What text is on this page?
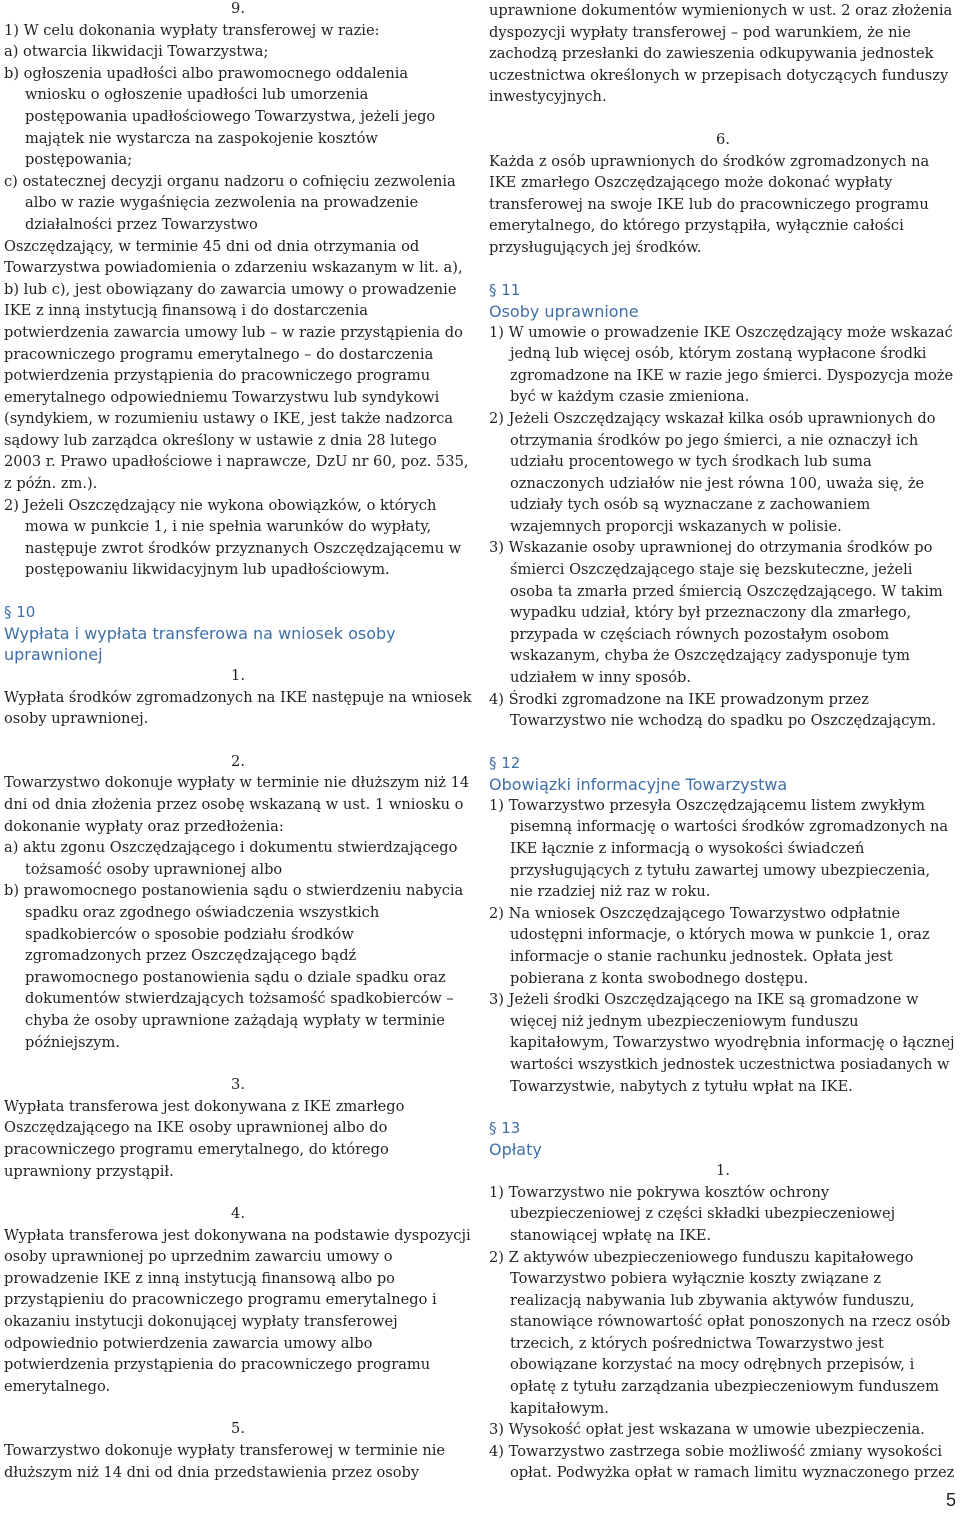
9.

1) W celu dokonania wypłaty transferowej w razie:

a) otwarcia likwidacji Towarzystwa;

b) ogłoszenia upadłości albo prawomocnego oddalenia wniosku o ogłoszenie upadłości lub umorzenia postępowania upadłościowego Towarzystwa, jeżeli jego majątek nie wystarcza na zaspokojenie kosztów postępowania;

c) ostatecznej decyzji organu nadzoru o cofnięciu zezwolenia albo w razie wygaśnięcia zezwolenia na prowadzenie działalności przez Towarzystwo

Oszczędzający, w terminie 45 dni od dnia otrzymania od Towarzystwa powiadomienia o zdarzeniu wskazanym w lit. a), b) lub c), jest obowiązany do zawarcia umowy o prowadzenie IKE z inną instytucją finansową i do dostarczenia potwierdzenia zawarcia umowy lub – w razie przystąpienia do pracowniczego programu emerytalnego – do dostarczenia potwierdzenia przystąpienia do pracowniczego programu emerytalnego odpowiedniemu Towarzystwu lub syndykowi (syndykiem, w rozumieniu ustawy o IKE, jest także nadzorca sądowy lub zarządca określony w ustawie z dnia 28 lutego 2003 r. Prawo upadłościowe i naprawcze, DzU nr 60, poz. 535, z późn. zm.).

2) Jeżeli Oszczędzający nie wykona obowiązków, o których mowa w punkcie 1, i nie spełnia warunków do wypłaty, następuje zwrot środków przyznanych Oszczędzającemu w postępowaniu likwidacyjnym lub upadłościowym.

§ 10

Wypłata i wypłata transferowa na wniosek osoby uprawnionej

1.

Wypłata środków zgromadzonych na IKE następuje na wniosek osoby uprawnionej.

2.

Towarzystwo dokonuje wypłaty w terminie nie dłuższym niż 14 dni od dnia złożenia przez osobę wskazaną w ust. 1 wniosku o dokonanie wypłaty oraz przedłożenia:

a) aktu zgonu Oszczędzającego i dokumentu stwierdzającego tożsamość osoby uprawnionej albo

b) prawomocnego postanowienia sądu o stwierdzeniu nabycia spadku oraz zgodnego oświadczenia wszystkich spadkobierców o sposobie podziału środków zgromadzonych przez Oszczędzającego bądź prawomocnego postanowienia sądu o dziale spadku oraz dokumentów stwierdzających tożsamość spadkobierców – chyba że osoby uprawnione zażądają wypłaty w terminie późniejszym.

3.

Wypłata transferowa jest dokonywana z IKE zmarłego Oszczędzającego na IKE osoby uprawnionej albo do pracowniczego programu emerytalnego, do którego uprawniony przystąpił.

4.

Wypłata transferowa jest dokonywana na podstawie dyspozycji osoby uprawnionej po uprzednim zawarciu umowy o prowadzenie IKE z inną instytucją finansową albo po przystąpieniu do pracowniczego programu emerytalnego i okazaniu instytucji dokonującej wypłaty transferowej odpowiednio potwierdzenia zawarcia umowy albo potwierdzenia przystąpienia do pracowniczego programu emerytalnego.

5.

Towarzystwo dokonuje wypłaty transferowej w terminie nie dłuższym niż 14 dni od dnia przedstawienia przez osoby

uprawnione dokumentów wymienionych w ust. 2 oraz złożenia dyspozycji wypłaty transferowej – pod warunkiem, że nie zachodzą przesłanki do zawieszenia odkupywania jednostek uczestnictwa określonych w przepisach dotyczących funduszy inwestycyjnych.

6.

Każda z osób uprawnionych do środków zgromadzonych na IKE zmarłego Oszczędzającego może dokonać wypłaty transferowej na swoje IKE lub do pracowniczego programu emerytalnego, do którego przystąpiła, wyłącznie całości przysługujących jej środków.

§ 11

Osoby uprawnione

1) W umowie o prowadzenie IKE Oszczędzający może wskazać jedną lub więcej osób, którym zostaną wypłacone środki zgromadzone na IKE w razie jego śmierci. Dyspozycja może być w każdym czasie zmieniona.
2) Jeżeli Oszczędzający wskazał kilka osób uprawnionych do otrzymania środków po jego śmierci, a nie oznaczył ich udziału procentowego w tych środkach lub suma oznaczonych udziałów nie jest równa 100, uważa się, że udziały tych osób są wyznaczane z zachowaniem wzajemnych proporcji wskazanych w polisie.
3) Wskazanie osoby uprawnionej do otrzymania środków po śmierci Oszczędzającego staje się bezskuteczne, jeżeli osoba ta zmarła przed śmiercią Oszczędzającego. W takim wypadku udział, który był przeznaczony dla zmarłego, przypada w częściach równych pozostałym osobom wskazanym, chyba że Oszczędzający zadysponuje tym udziałem w inny sposób.
4) Środki zgromadzone na IKE prowadzonym przez Towarzystwo nie wchodzą do spadku po Oszczędzającym.

§ 12

Obowiązki informacyjne Towarzystwa

1) Towarzystwo przesyła Oszczędzającemu listem zwykłym pisemną informację o wartości środków zgromadzonych na IKE łącznie z informacją o wysokości świadczeń przysługujących z tytułu zawartej umowy ubezpieczenia, nie rzadziej niż raz w roku.
2) Na wniosek Oszczędzającego Towarzystwo odpłatnie udostępni informacje, o których mowa w punkcie 1, oraz informacje o stanie rachunku jednostek. Opłata jest pobierana z konta swobodnego dostępu.
3) Jeżeli środki Oszczędzającego na IKE są gromadzone w więcej niż jednym ubezpieczeniowym funduszu kapitałowym, Towarzystwo wyodrębnia informację o łącznej wartości wszystkich jednostek uczestnictwa posiadanych w Towarzystwie, nabytych z tytułu wpłat na IKE.

§ 13

Opłaty

1.

1) Towarzystwo nie pokrywa kosztów ochrony ubezpieczeniowej z części składki ubezpieczeniowej stanowiącej wpłatę na IKE.
2) Z aktywów ubezpieczeniowego funduszu kapitałowego Towarzystwo pobiera wyłącznie koszty związane z realizacją nabywania lub zbywania aktywów funduszu, stanowiące równowartość opłat ponoszonych na rzecz osób trzecich, z których pośrednictwa Towarzystwo jest obowiązane korzystać na mocy odrębnych przepisów, i opłatę z tytułu zarządzania ubezpieczeniowym funduszem kapitałowym.
3) Wysokość opłat jest wskazana w umowie ubezpieczenia.
4) Towarzystwo zastrzega sobie możliwość zmiany wysokości opłat. Podwyżka opłat w ramach limitu wyznaczonego przez
5
